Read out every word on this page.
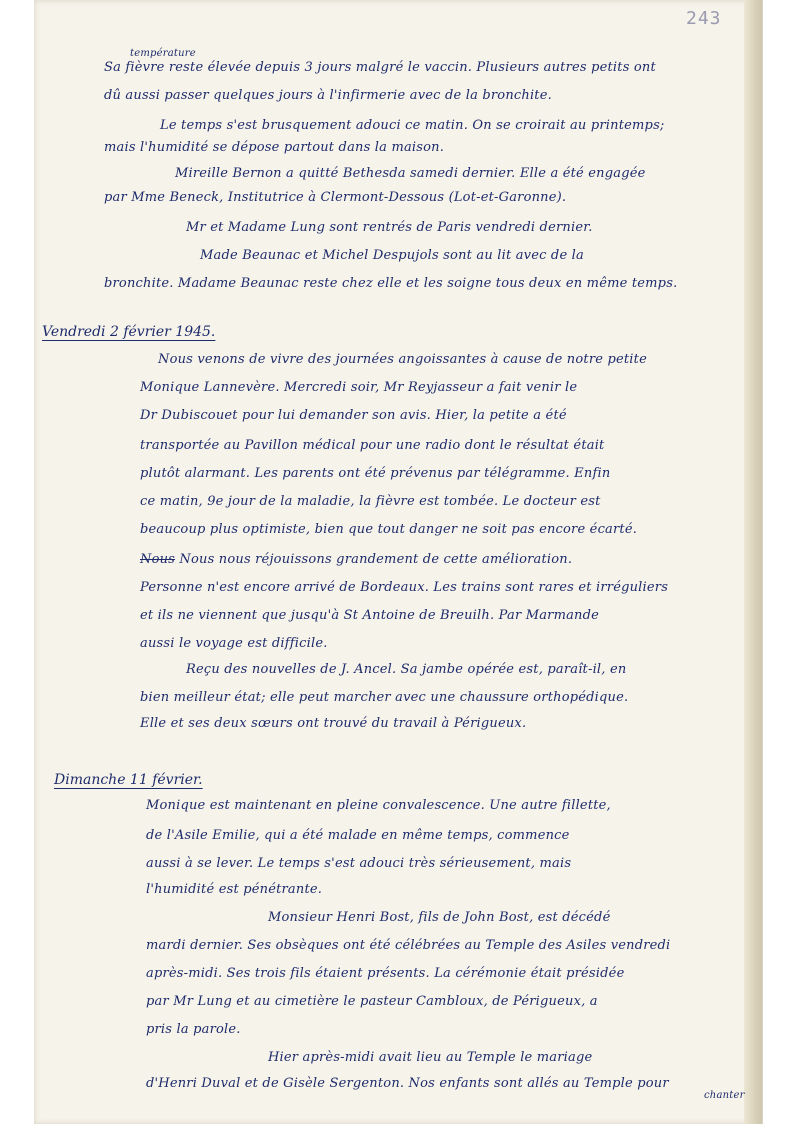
243
température
Sa fièvre reste élevée depuis 3 jours malgré le vaccin. Plusieurs autres petits ont
dû aussi passer quelques jours à l'infirmerie avec de la bronchite.
Le temps s'est brusquement adouci ce matin. On se croirait au printemps;
mais l'humidité se dépose partout dans la maison.
Mireille Bernon a quitté Bethesda samedi dernier. Elle a été engagée
par Mme Beneck, Institutrice à Clermont-Dessous (Lot-et-Garonne).
Mr et Madame Lung sont rentrés de Paris vendredi dernier.
Made Beaunac et Michel Despujols sont au lit avec de la
bronchite. Madame Beaunac reste chez elle et les soigne tous deux en même temps.
Vendredi 2 février 1945.
Nous venons de vivre des journées angoissantes à cause de notre petite
Monique Lannevère. Mercredi soir, Mr Reyjasseur a fait venir le
Dr Dubiscouet pour lui demander son avis. Hier, la petite a été
transportée au Pavillon médical pour une radio dont le résultat était
plutôt alarmant. Les parents ont été prévenus par télégramme. Enfin
ce matin, 9e jour de la maladie, la fièvre est tombée. Le docteur est
beaucoup plus optimiste, bien que tout danger ne soit pas encore écarté.
Nous Nous nous réjouissons grandement de cette amélioration.
Personne n'est encore arrivé de Bordeaux. Les trains sont rares et irréguliers
et ils ne viennent que jusqu'à St Antoine de Breuilh. Par Marmande
aussi le voyage est difficile.
Reçu des nouvelles de J. Ancel. Sa jambe opérée est, paraît-il, en
bien meilleur état; elle peut marcher avec une chaussure orthopédique.
Elle et ses deux sœurs ont trouvé du travail à Périgueux.
Dimanche 11 février.
Monique est maintenant en pleine convalescence. Une autre fillette,
de l'Asile Emilie, qui a été malade en même temps, commence
aussi à se lever. Le temps s'est adouci très sérieusement, mais
l'humidité est pénétrante.
Monsieur Henri Bost, fils de John Bost, est décédé
mardi dernier. Ses obsèques ont été célébrées au Temple des Asiles vendredi
après-midi. Ses trois fils étaient présents. La cérémonie était présidée
par Mr Lung et au cimetière le pasteur Cambloux, de Périgueux, a
pris la parole.
Hier après-midi avait lieu au Temple le mariage
d'Henri Duval et de Gisèle Sergenton. Nos enfants sont allés au Temple pour
chanter
